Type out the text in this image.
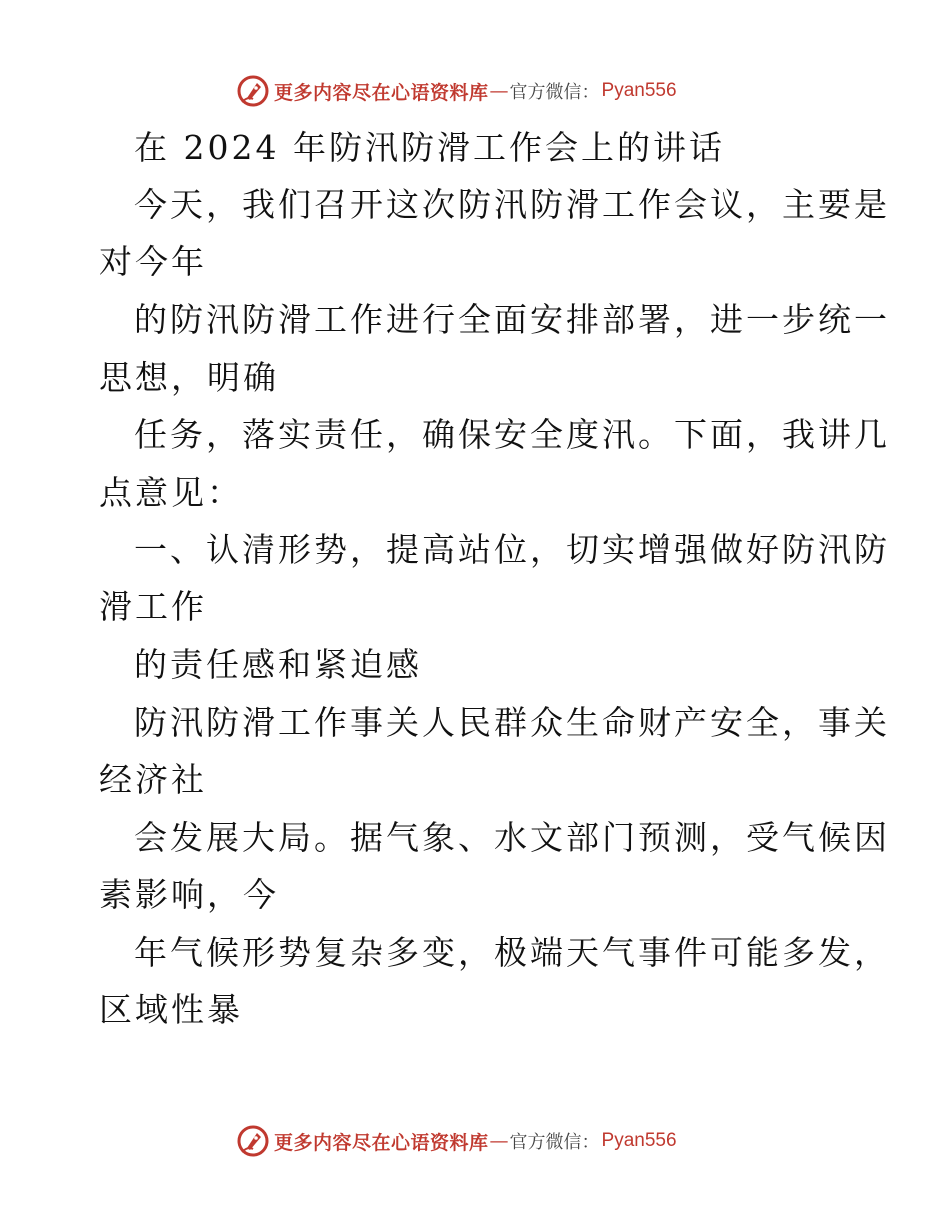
更多内容尽在心语资料库 — 官方微信： Pyan556
在 2024 年防汛防滑工作会上的讲话
今天，我们召开这次防汛防滑工作会议，主要是
对今年
的防汛防滑工作进行全面安排部署，进一步统一
思想，明确
任务，落实责任，确保安全度汛。下面，我讲几
点意见：
一、认清形势，提高站位，切实增强做好防汛防
滑工作
的责任感和紧迫感
防汛防滑工作事关人民群众生命财产安全，事关
经济社
会发展大局。据气象、水文部门预测，受气候因
素影响，今
年气候形势复杂多变，极端天气事件可能多发，
区域性暴
更多内容尽在心语资料库 — 官方微信： Pyan556
